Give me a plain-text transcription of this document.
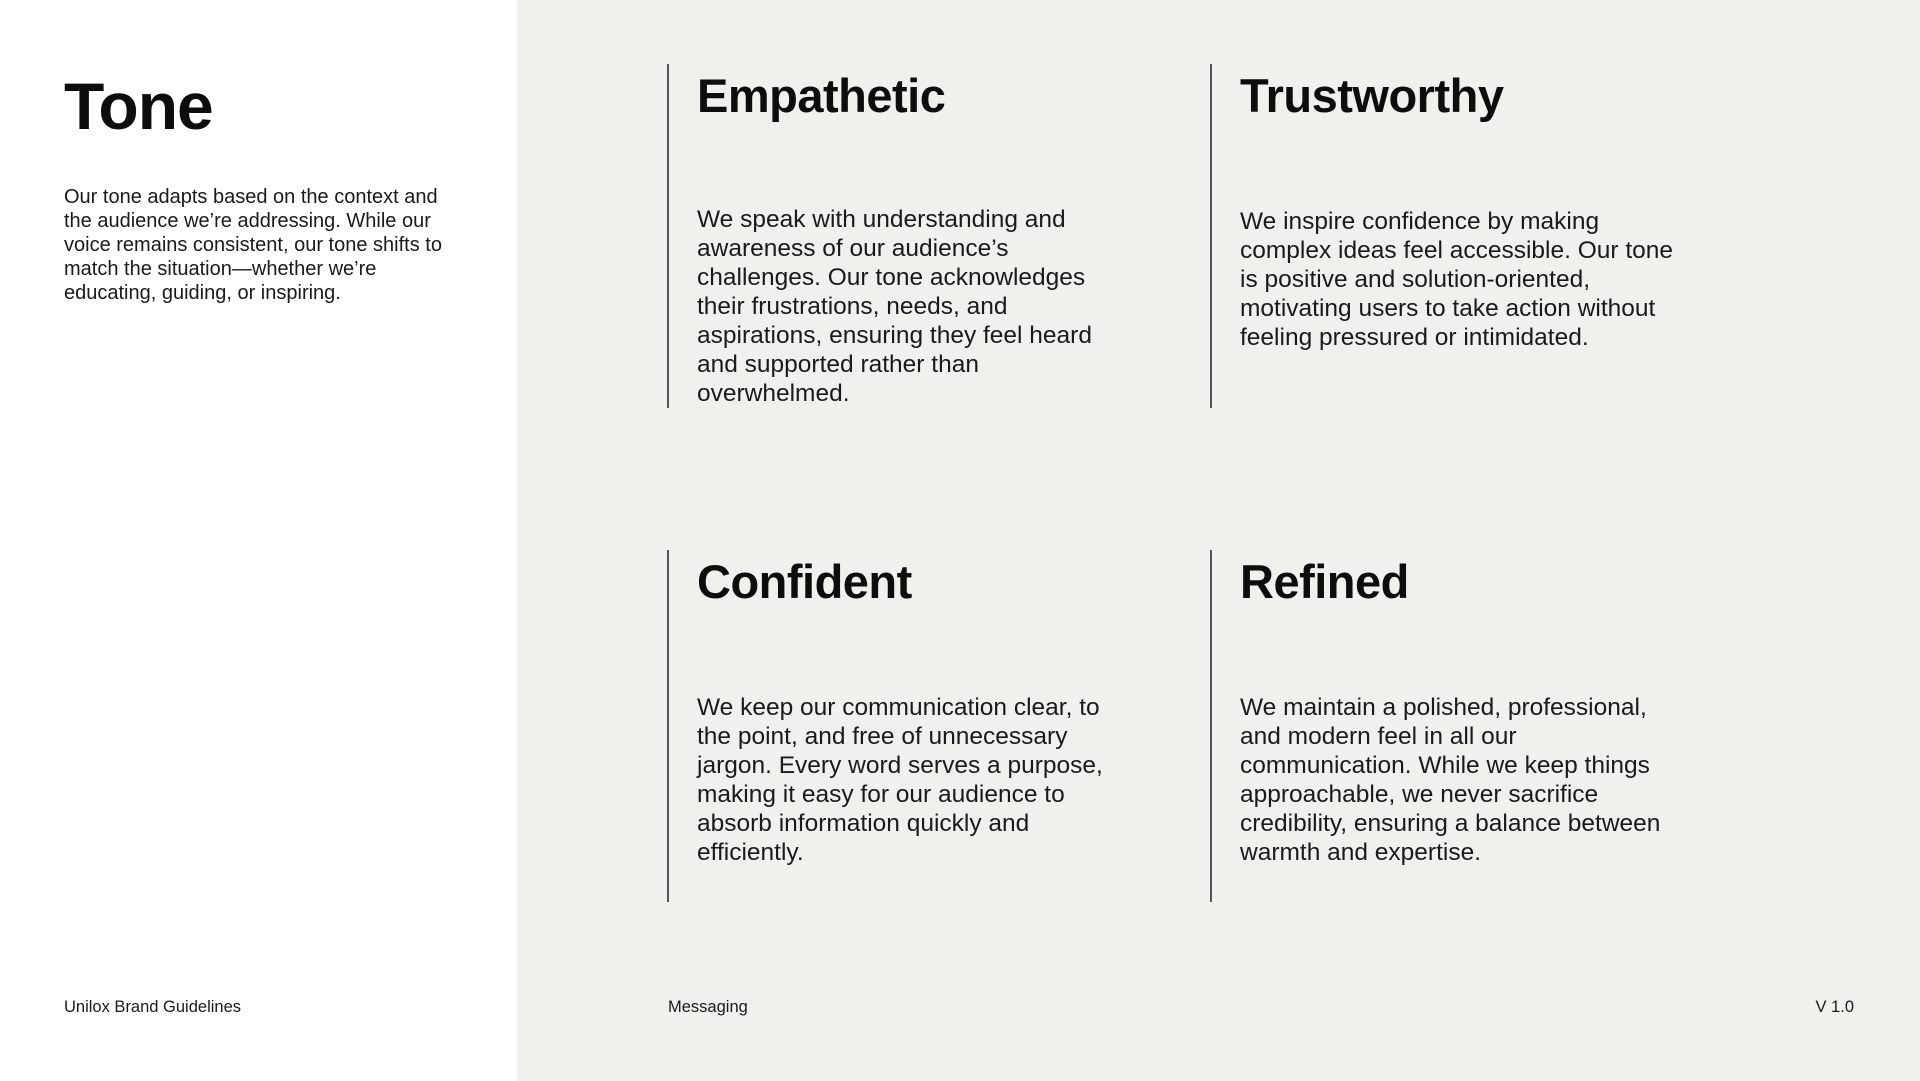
Tone

Our tone adapts based on the context and the audience we’re addressing. While our voice remains consistent, our tone shifts to match the situation—whether we’re educating, guiding, or inspiring.

Empathetic

We speak with understanding and awareness of our audience’s challenges. Our tone acknowledges their frustrations, needs, and aspirations, ensuring they feel heard and supported rather than overwhelmed.

Trustworthy

We inspire confidence by making complex ideas feel accessible. Our tone is positive and solution-oriented, motivating users to take action without feeling pressured or intimidated.

Confident

We keep our communication clear, to the point, and free of unnecessary jargon. Every word serves a purpose, making it easy for our audience to absorb information quickly and efficiently.

Refined

We maintain a polished, professional, and modern feel in all our communication. While we keep things approachable, we never sacrifice credibility, ensuring a balance between warmth and expertise.

Unilox Brand Guidelines	Messaging	V 1.0
